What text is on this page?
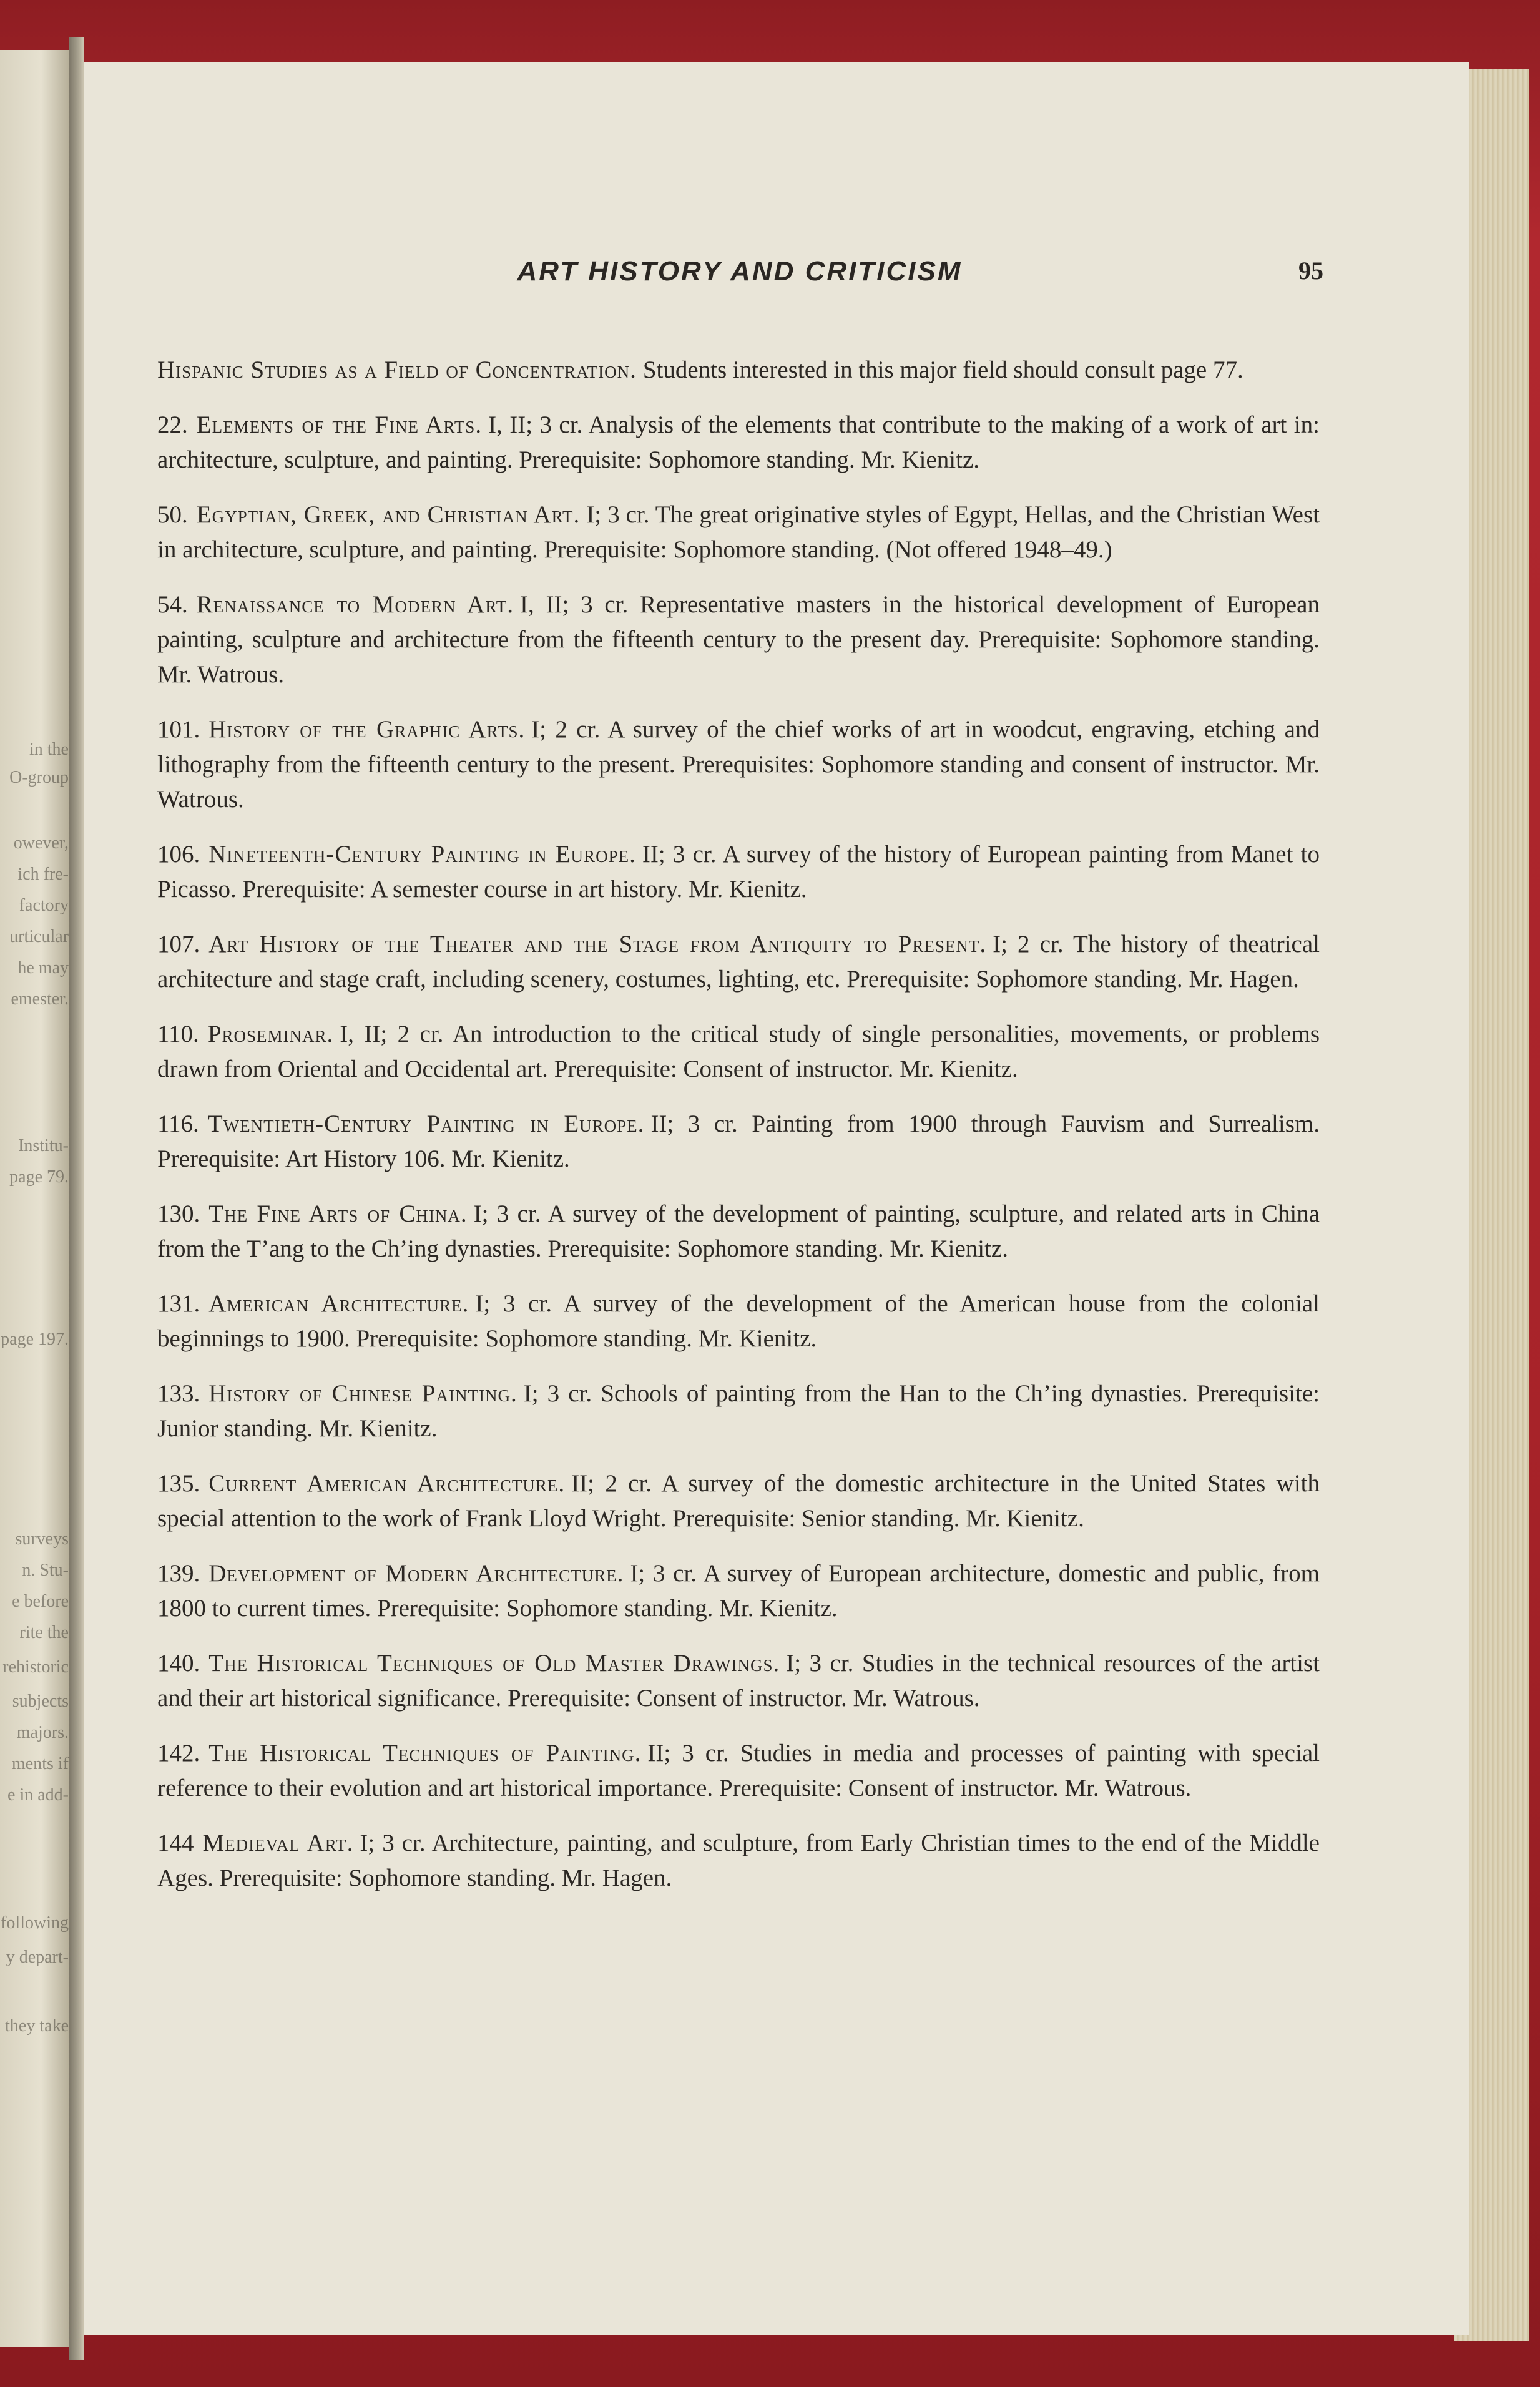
in the
O-group
owever,
ich fre-
factory
urticular
he may
emester.
Institu-
page 79.
page 197.
surveys
n. Stu-
e before
rite the
rehistoric
subjects
majors.
ments if
e in add-
following
y depart-
they take
ART HISTORY AND CRITICISM	95

Hispanic Studies as a Field of Concentration. Students interested in this major field should consult page 77.

22. Elements of the Fine Arts. I, II; 3 cr. Analysis of the elements that contribute to the making of a work of art in: architecture, sculpture, and painting. Prerequisite: Sophomore standing. Mr. Kienitz.

50. Egyptian, Greek, and Christian Art. I; 3 cr. The great originative styles of Egypt, Hellas, and the Christian West in architecture, sculpture, and painting. Prerequisite: Sophomore standing. (Not offered 1948–49.)

54. Renaissance to Modern Art. I, II; 3 cr. Representative masters in the historical development of European painting, sculpture and architecture from the fifteenth century to the present day. Prerequisite: Sophomore standing. Mr. Watrous.

101. History of the Graphic Arts. I; 2 cr. A survey of the chief works of art in woodcut, engraving, etching and lithography from the fifteenth century to the present. Prerequisites: Sophomore standing and consent of instructor. Mr. Watrous.

106. Nineteenth-Century Painting in Europe. II; 3 cr. A survey of the history of European painting from Manet to Picasso. Prerequisite: A semester course in art history. Mr. Kienitz.

107. Art History of the Theater and the Stage from Antiquity to Present. I; 2 cr. The history of theatrical architecture and stage craft, including scenery, costumes, lighting, etc. Prerequisite: Sophomore standing. Mr. Hagen.

110. Proseminar. I, II; 2 cr. An introduction to the critical study of single personalities, movements, or problems drawn from Oriental and Occidental art. Prerequisite: Consent of instructor. Mr. Kienitz.

116. Twentieth-Century Painting in Europe. II; 3 cr. Painting from 1900 through Fauvism and Surrealism. Prerequisite: Art History 106. Mr. Kienitz.

130. The Fine Arts of China. I; 3 cr. A survey of the development of painting, sculpture, and related arts in China from the T’ang to the Ch’ing dynasties. Prerequisite: Sophomore standing. Mr. Kienitz.

131. American Architecture. I; 3 cr. A survey of the development of the American house from the colonial beginnings to 1900. Prerequisite: Sophomore standing. Mr. Kienitz.

133. History of Chinese Painting. I; 3 cr. Schools of painting from the Han to the Ch’ing dynasties. Prerequisite: Junior standing. Mr. Kienitz.

135. Current American Architecture. II; 2 cr. A survey of the domestic architecture in the United States with special attention to the work of Frank Lloyd Wright. Prerequisite: Senior standing. Mr. Kienitz.

139. Development of Modern Architecture. I; 3 cr. A survey of European architecture, domestic and public, from 1800 to current times. Prerequisite: Sophomore standing. Mr. Kienitz.

140. The Historical Techniques of Old Master Drawings. I; 3 cr. Studies in the technical resources of the artist and their art historical significance. Prerequisite: Consent of instructor. Mr. Watrous.

142. The Historical Techniques of Painting. II; 3 cr. Studies in media and processes of painting with special reference to their evolution and art historical importance. Prerequisite: Consent of instructor. Mr. Watrous.

144 Medieval Art. I; 3 cr. Architecture, painting, and sculpture, from Early Christian times to the end of the Middle Ages. Prerequisite: Sophomore standing. Mr. Hagen.
